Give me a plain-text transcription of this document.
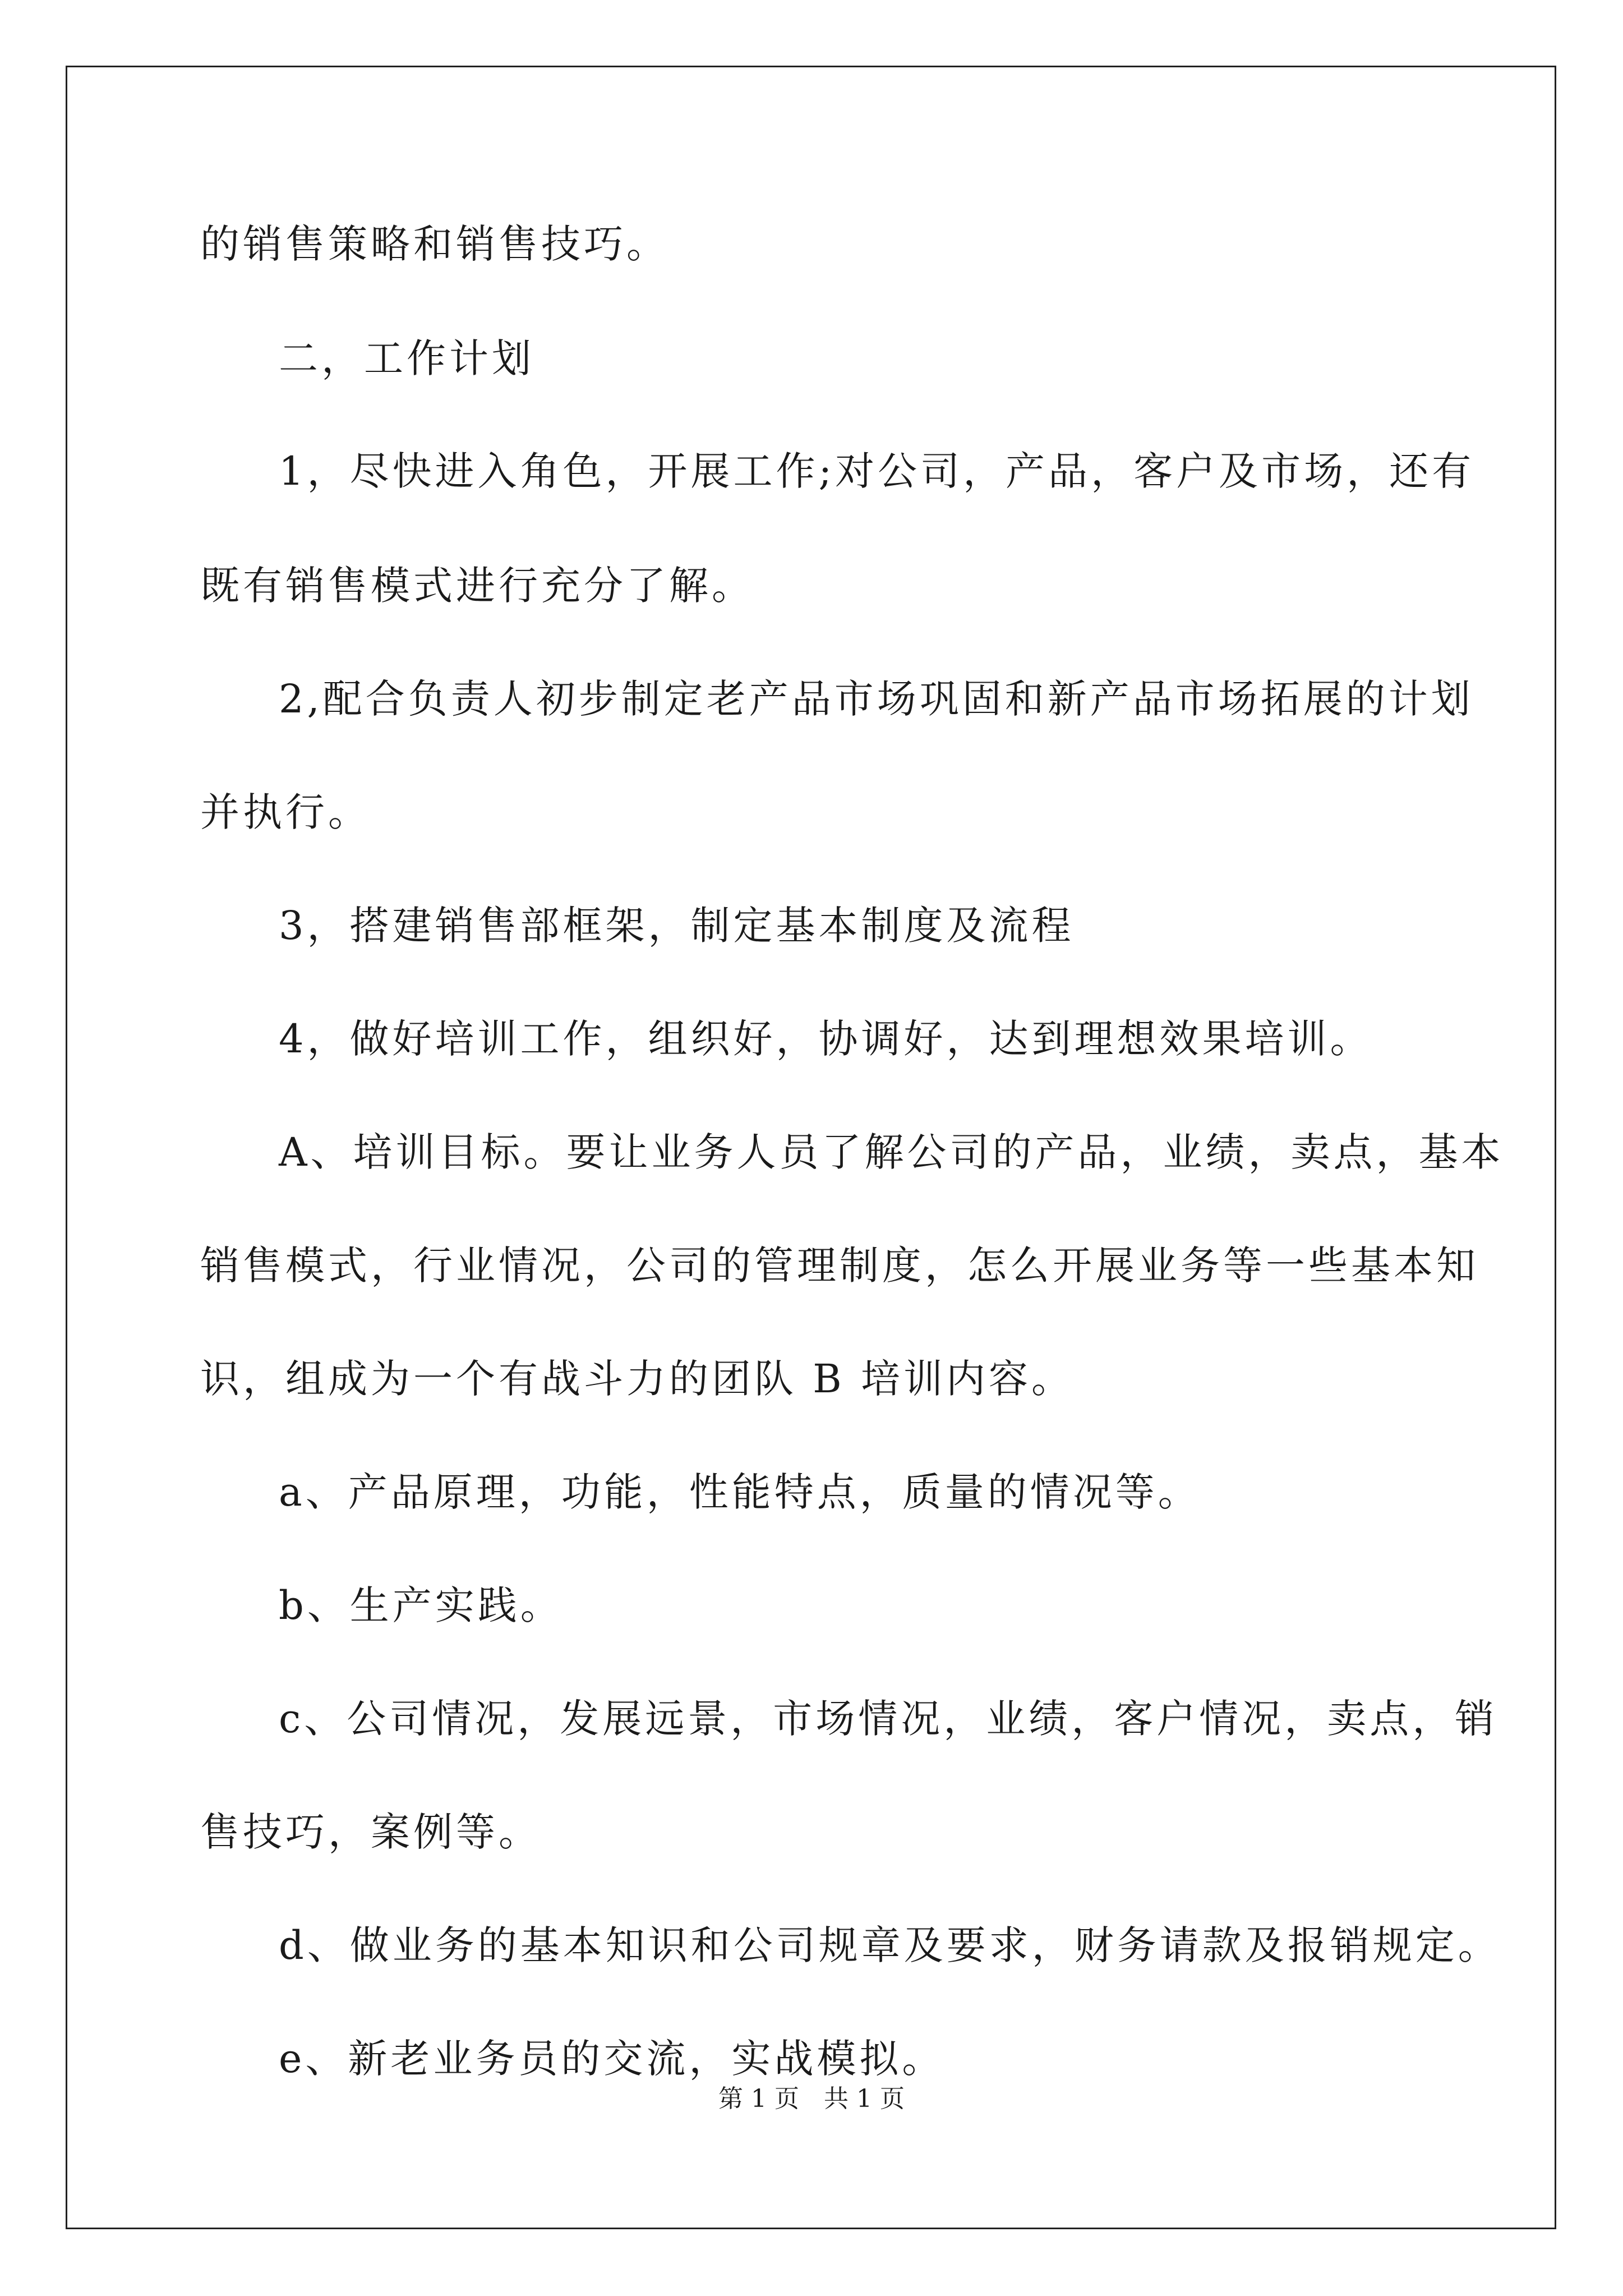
的销售策略和销售技巧。
二，工作计划
1，尽快进入角色，开展工作;对公司，产品，客户及市场，还有
既有销售模式进行充分了解。
2,配合负责人初步制定老产品市场巩固和新产品市场拓展的计划
并执行。
3，搭建销售部框架，制定基本制度及流程
4，做好培训工作，组织好，协调好，达到理想效果培训。
A、培训目标。要让业务人员了解公司的产品，业绩，卖点，基本
销售模式，行业情况，公司的管理制度，怎么开展业务等一些基本知
识，组成为一个有战斗力的团队 B 培训内容。
a、产品原理，功能，性能特点，质量的情况等。
b、生产实践。
c、公司情况，发展远景，市场情况，业绩，客户情况，卖点，销
售技巧，案例等。
d、做业务的基本知识和公司规章及要求，财务请款及报销规定。
e、新老业务员的交流，实战模拟。
第 1 页　共 1 页
